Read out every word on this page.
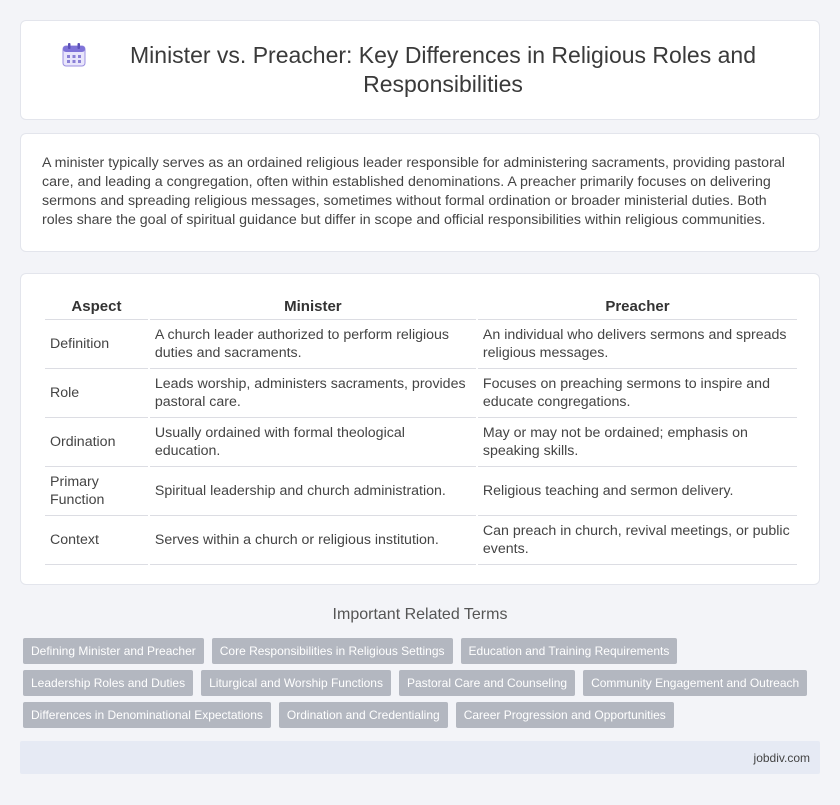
Minister vs. Preacher: Key Differences in Religious Roles and Responsibilities

A minister typically serves as an ordained religious leader responsible for administering sacraments, providing pastoral care, and leading a congregation, often within established denominations. A preacher primarily focuses on delivering sermons and spreading religious messages, sometimes without formal ordination or broader ministerial duties. Both roles share the goal of spiritual guidance but differ in scope and official responsibilities within religious communities.

Aspect	Minister	Preacher
Definition	A church leader authorized to perform religious duties and sacraments.	An individual who delivers sermons and spreads religious messages.
Role	Leads worship, administers sacraments, provides pastoral care.	Focuses on preaching sermons to inspire and educate congregations.
Ordination	Usually ordained with formal theological education.	May or may not be ordained; emphasis on speaking skills.
Primary Function	Spiritual leadership and church administration.	Religious teaching and sermon delivery.
Context	Serves within a church or religious institution.	Can preach in church, revival meetings, or public events.
Important Related Terms
Defining Minister and Preacher	Core Responsibilities in Religious Settings	Education and Training Requirements
Leadership Roles and Duties	Liturgical and Worship Functions	Pastoral Care and Counseling	Community Engagement and Outreach
Differences in Denominational Expectations	Ordination and Credentialing	Career Progression and Opportunities
jobdiv.com
